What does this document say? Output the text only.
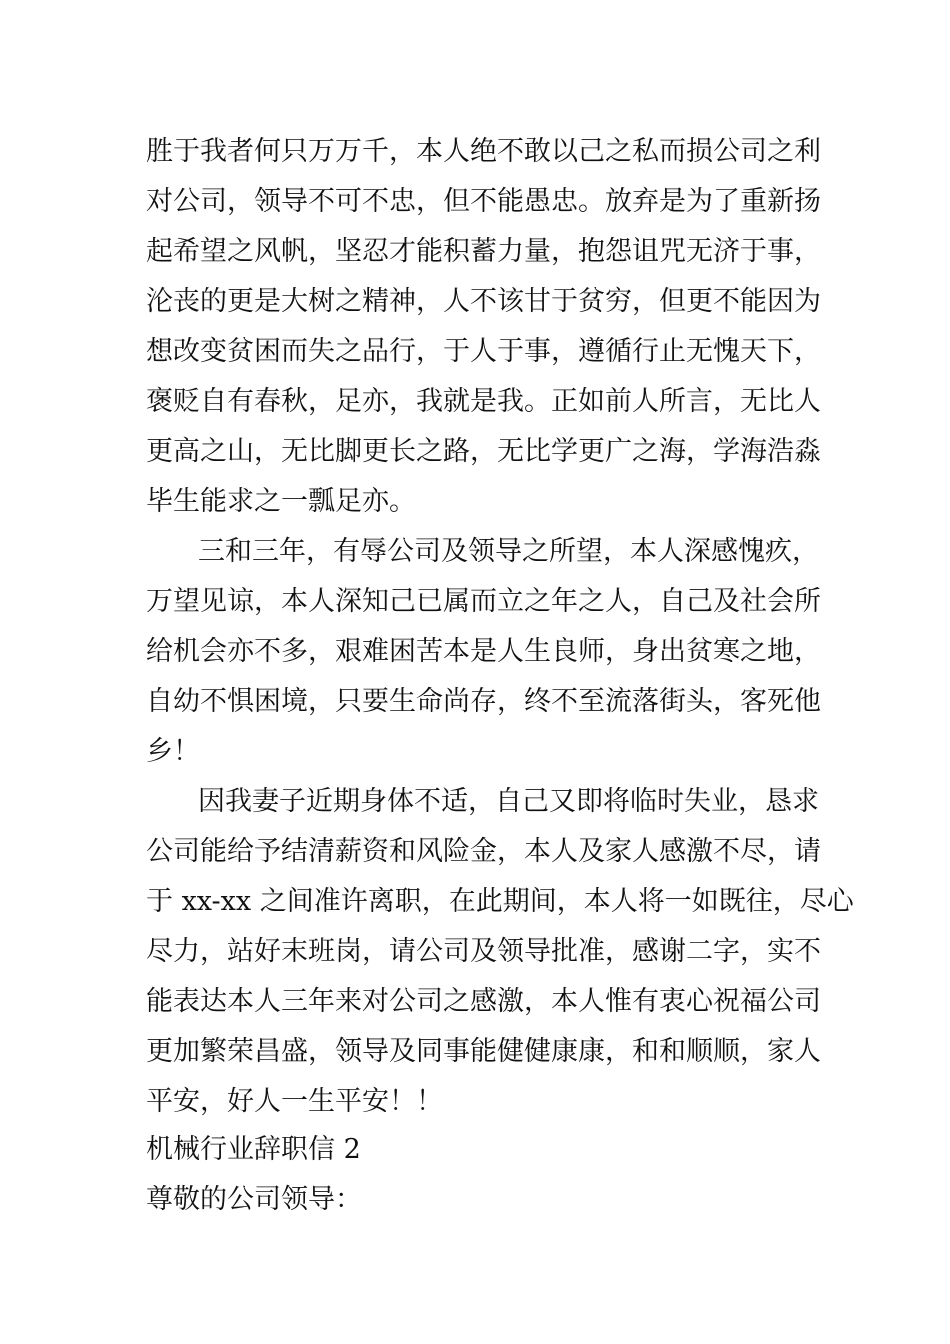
胜于我者何只万万千，本人绝不敢以己之私而损公司之利
对公司，领导不可不忠，但不能愚忠。放弃是为了重新扬
起希望之风帆，坚忍才能积蓄力量，抱怨诅咒无济于事，
沦丧的更是大树之精神，人不该甘于贫穷，但更不能因为
想改变贫困而失之品行，于人于事，遵循行止无愧天下，
褒贬自有春秋，足亦，我就是我。正如前人所言，无比人
更高之山，无比脚更长之路，无比学更广之海，学海浩淼
毕生能求之一瓢足亦。
三和三年，有辱公司及领导之所望，本人深感愧疚，
万望见谅，本人深知己已属而立之年之人，自己及社会所
给机会亦不多，艰难困苦本是人生良师，身出贫寒之地，
自幼不惧困境，只要生命尚存，终不至流落街头，客死他
乡！
因我妻子近期身体不适，自己又即将临时失业，恳求
公司能给予结清薪资和风险金，本人及家人感激不尽，请
于 xx-xx 之间准许离职，在此期间，本人将一如既往，尽心
尽力，站好末班岗，请公司及领导批准，感谢二字，实不
能表达本人三年来对公司之感激，本人惟有衷心祝福公司
更加繁荣昌盛，领导及同事能健健康康，和和顺顺，家人
平安，好人一生平安！！
机械行业辞职信 2
尊敬的公司领导：
